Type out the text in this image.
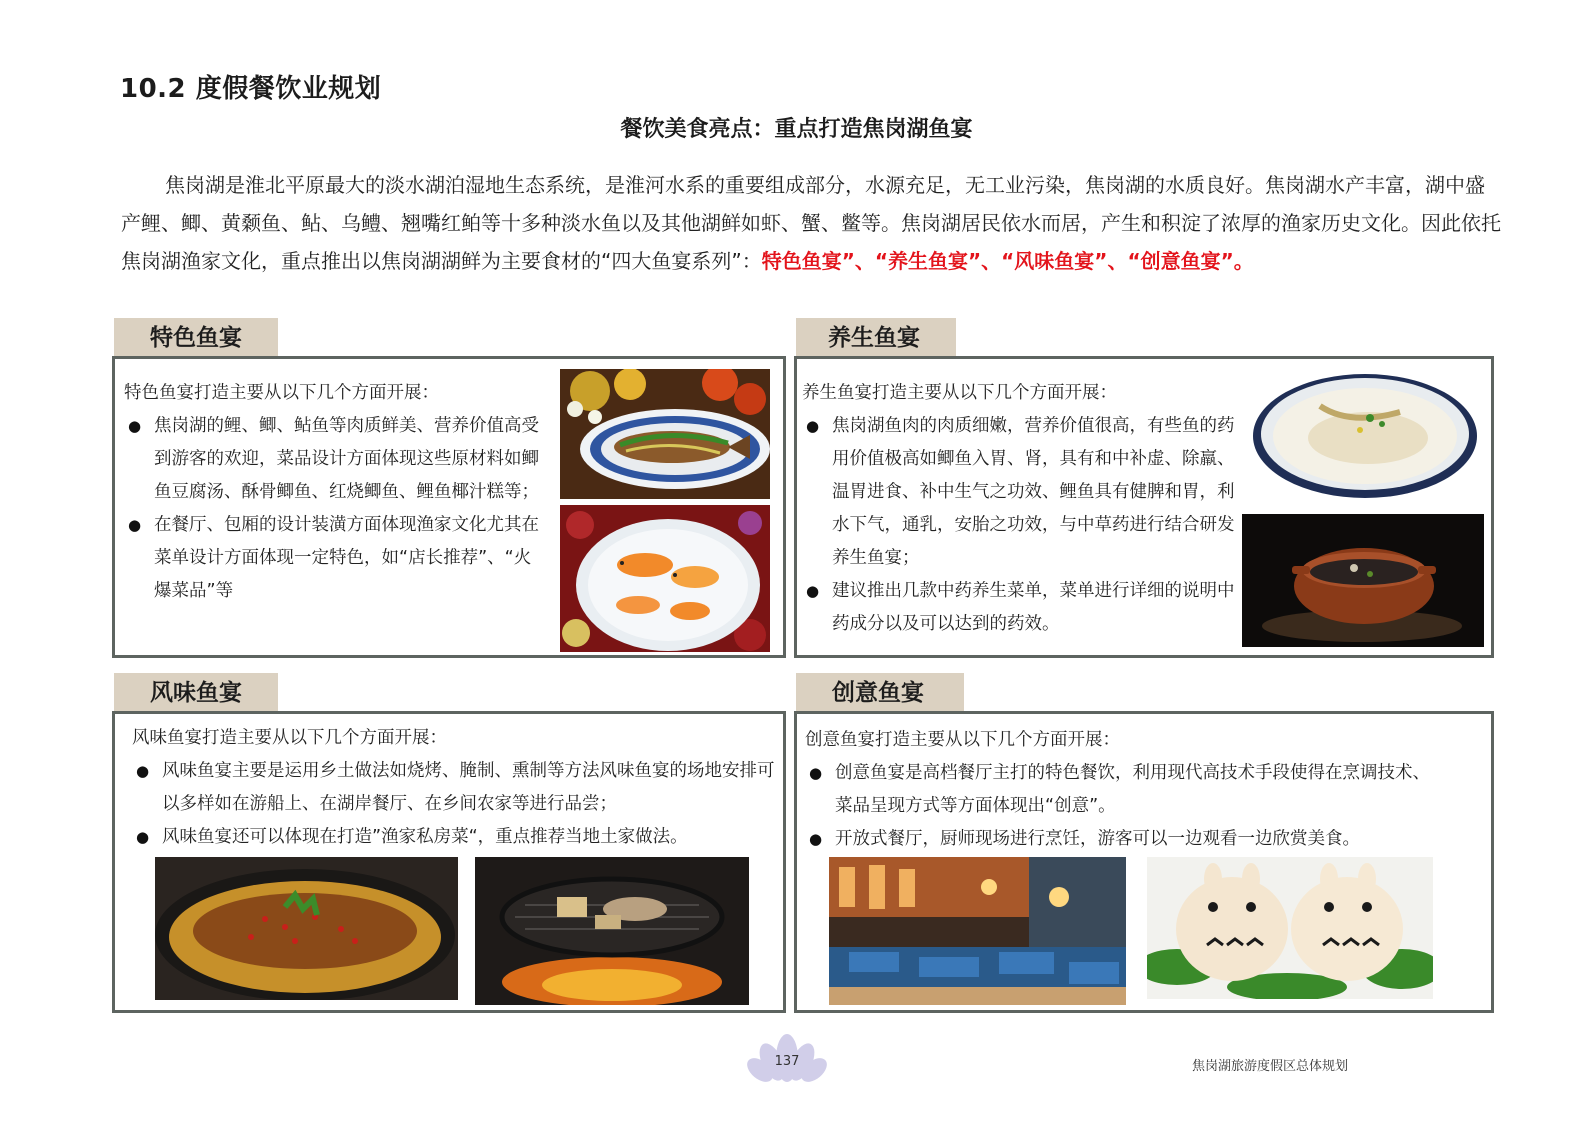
10.2 度假餐饮业规划
餐饮美食亮点：重点打造焦岗湖鱼宴
焦岗湖是淮北平原最大的淡水湖泊湿地生态系统，是淮河水系的重要组成部分，水源充足，无工业污染，焦岗湖的水质良好。焦岗湖水产丰富，湖中盛产鲤、鲫、黄颡鱼、鲇、乌鳢、翘嘴红鲌等十多种淡水鱼以及其他湖鲜如虾、蟹、鳖等。焦岗湖居民依水而居，产生和积淀了浓厚的渔家历史文化。因此依托焦岗湖渔家文化，重点推出以焦岗湖湖鲜为主要食材的“四大鱼宴系列”：特色鱼宴”、“养生鱼宴”、“风味鱼宴”、“创意鱼宴”。
特色鱼宴
特色鱼宴打造主要从以下几个方面开展：
● 焦岗湖的鲤、鲫、鲇鱼等肉质鲜美、营养价值高受到游客的欢迎，菜品设计方面体现这些原材料如鲫鱼豆腐汤、酥骨鲫鱼、红烧鲫鱼、鲤鱼椰汁糕等；
● 在餐厅、包厢的设计装潢方面体现渔家文化尤其在菜单设计方面体现一定特色，如“店长推荐”、“火爆菜品”等
养生鱼宴
养生鱼宴打造主要从以下几个方面开展：
● 焦岗湖鱼肉的肉质细嫩，营养价值很高，有些鱼的药用价值极高如鲫鱼入胃、肾，具有和中补虚、除羸、温胃进食、补中生气之功效、鲤鱼具有健脾和胃，利水下气，通乳，安胎之功效，与中草药进行结合研发养生鱼宴；
● 建议推出几款中药养生菜单，菜单进行详细的说明中药成分以及可以达到的药效。
风味鱼宴
风味鱼宴打造主要从以下几个方面开展：
● 风味鱼宴主要是运用乡土做法如烧烤、腌制、熏制等方法风味鱼宴的场地安排可以多样如在游船上、在湖岸餐厅、在乡间农家等进行品尝；
● 风味鱼宴还可以体现在打造”渔家私房菜“，重点推荐当地土家做法。
创意鱼宴
创意鱼宴打造主要从以下几个方面开展：
● 创意鱼宴是高档餐厅主打的特色餐饮，利用现代高技术手段使得在烹调技术、菜品呈现方式等方面体现出“创意”。
● 开放式餐厅，厨师现场进行烹饪，游客可以一边观看一边欣赏美食。
137	焦岗湖旅游度假区总体规划
